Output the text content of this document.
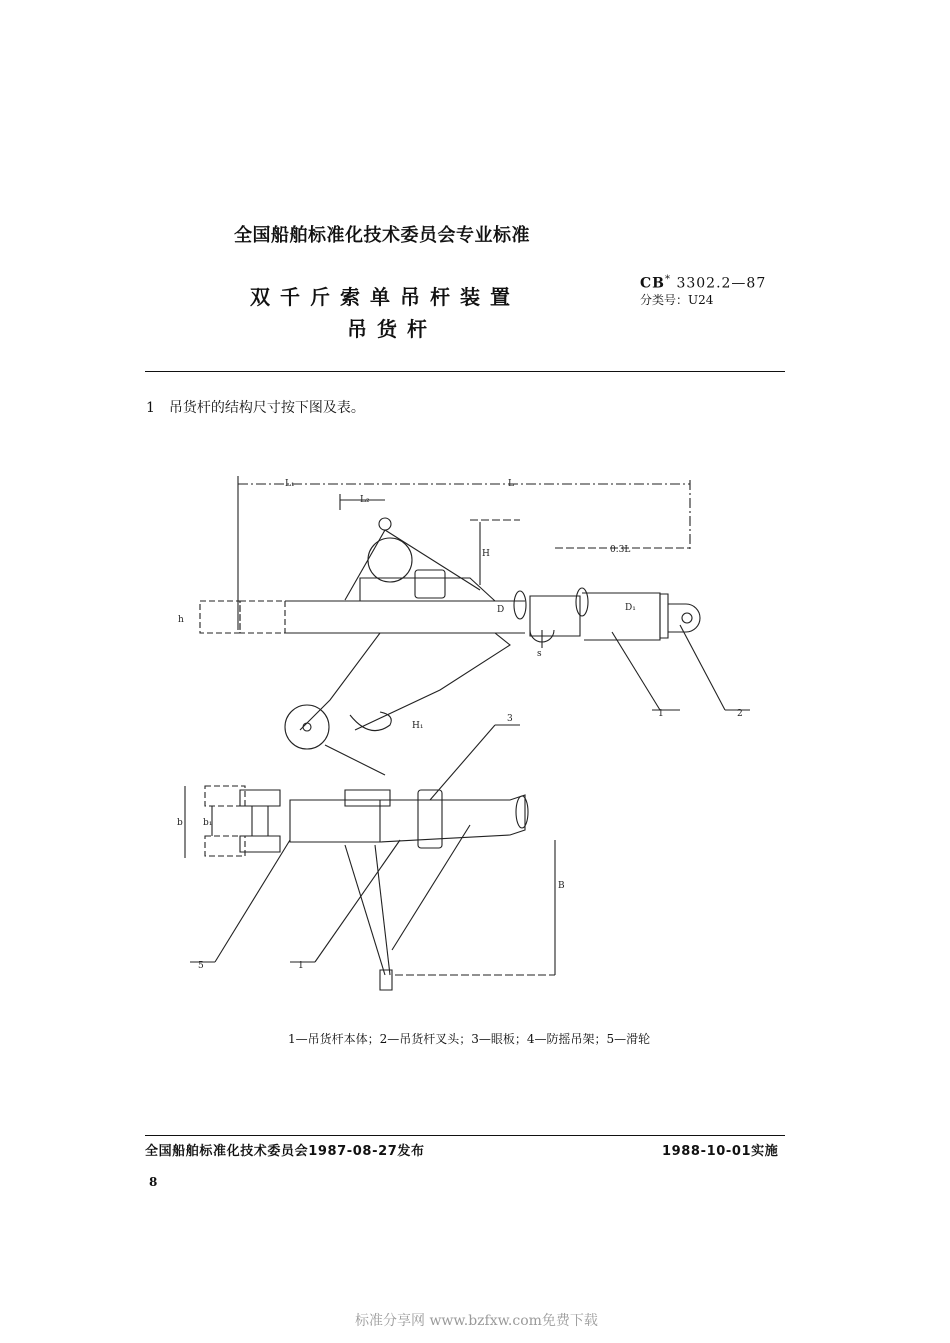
全国船舶标准化技术委员会专业标准
双千斤索单吊杆装置
吊货杆
CB* 3302.2—87
分类号：U24
1 吊货杆的结构尺寸按下图及表。
L₁	L
L₂
H	0.3L
D	D₁
s
h
H₁
b b₁
B
1	2
3
1
5
1—吊货杆本体；2—吊货杆叉头；3—眼板；4—防摇吊架；5—滑轮
全国船舶标准化技术委员会1987-08-27发布	1988-10-01实施
8
标准分享网 www.bzfxw.com免费下载
